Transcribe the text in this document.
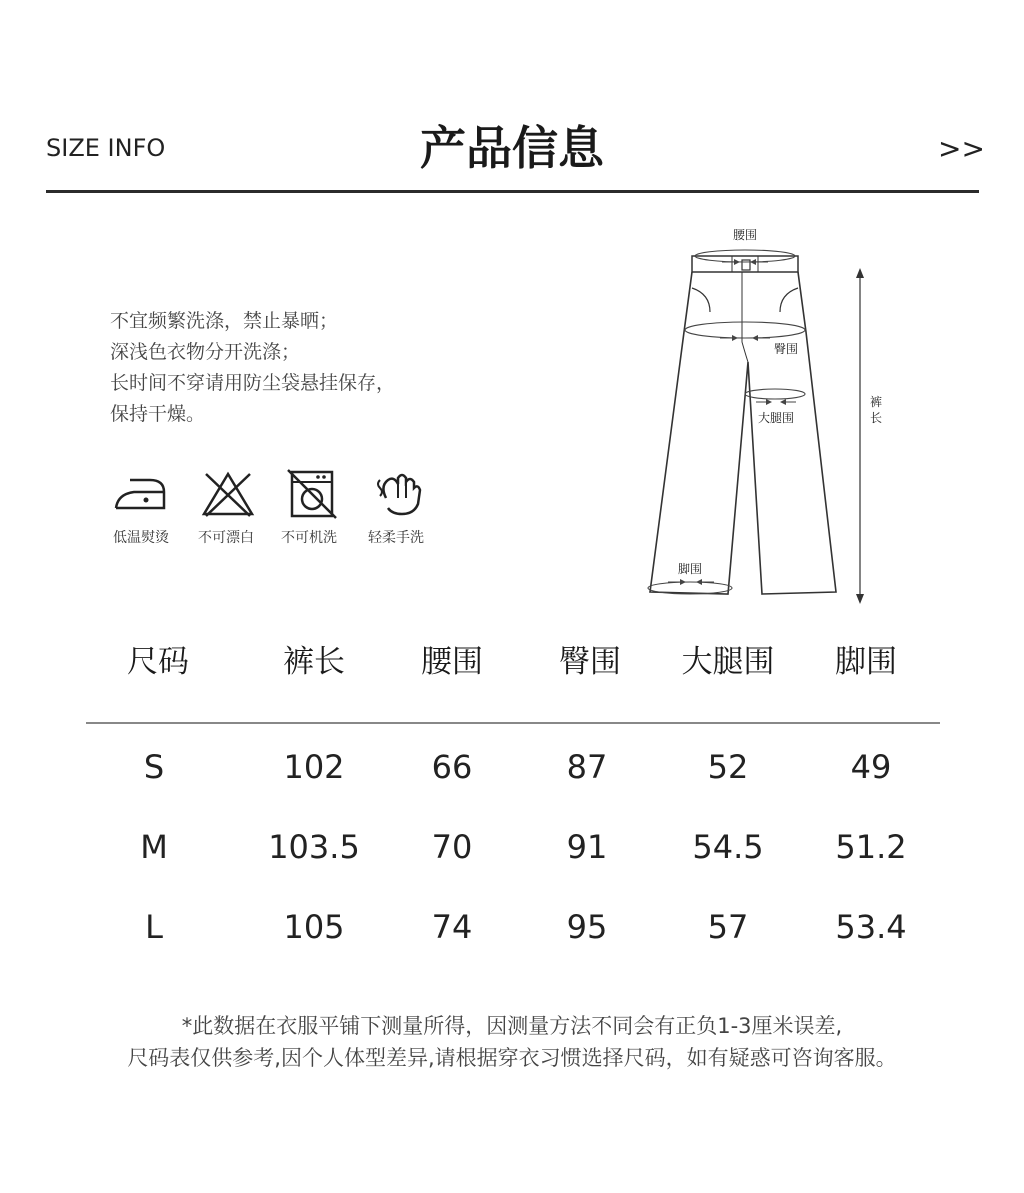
SIZE INFO	产品信息	>>
不宜频繁洗涤，禁止暴晒；
深浅色衣物分开洗涤；
长时间不穿请用防尘袋悬挂保存，
保持干燥。
低温熨烫	不可漂白	不可机洗	轻柔手洗
腰围
臀围
大腿围
脚围
裤
长
尺码	裤长	腰围	臀围	大腿围	脚围
S	102	66	87	52	49
M	103.5	70	91	54.5	51.2
L	105	74	95	57	53.4
*此数据在衣服平铺下测量所得，因测量方法不同会有正负1-3厘米误差,
尺码表仅供参考,因个人体型差异,请根据穿衣习惯选择尺码，如有疑惑可咨询客服。
